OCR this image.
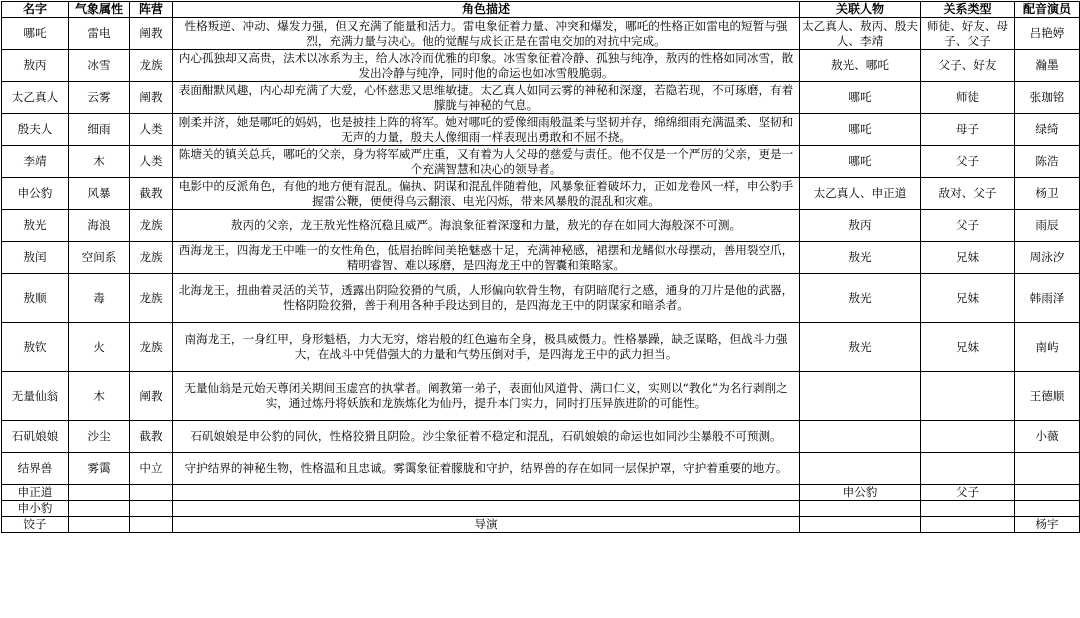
名字	气象属性	阵营	角色描述	关联人物	关系类型	配音演员
哪吒	雷电	阐教	性格叛逆、冲动、爆发力强，但又充满了能量和活力。雷电象征着力量、冲突和爆发，哪吒的性格正如雷电的短暂与强烈，充满力量与决心。他的觉醒与成长正是在雷电交加的对抗中完成。	太乙真人、敖丙、殷夫人、李靖	师徒、好友、母子、父子	吕艳婷
敖丙	冰雪	龙族	内心孤独却又高贵，法术以冰系为主，给人冰冷而优雅的印象。冰雪象征着冷静、孤独与纯净，敖丙的性格如同冰雪，散发出冷静与纯净，同时他的命运也如冰雪般脆弱。	敖光、哪吒	父子、好友	瀚墨
太乙真人	云雾	阐教	表面酣默风趣，内心却充满了大爱，心怀慈悲又思维敏捷。太乙真人如同云雾的神秘和深邃，若隐若现，不可琢磨，有着朦胧与神秘的气息。	哪吒	师徒	张珈铭
殷夫人	细雨	人类	刚柔并济，她是哪吒的妈妈，也是披挂上阵的将军。她对哪吒的爱像细雨般温柔与坚韧并存，绵绵细雨充满温柔、坚韧和无声的力量，殷夫人像细雨一样表现出勇敢和不屈不挠。	哪吒	母子	绿绮
李靖	木	人类	陈塘关的镇关总兵，哪吒的父亲，身为将军威严庄重，又有着为人父母的慈爱与责任。他不仅是一个严厉的父亲，更是一个充满智慧和决心的领导者。	哪吒	父子	陈浩
申公豹	风暴	截教	电影中的反派角色，有他的地方便有混乱。偏执、阴谋和混乱伴随着他，风暴象征着破坏力，正如龙卷风一样，申公豹手握雷公鞭，便便得乌云翻滚、电光闪烁，带来风暴般的混乱和灾难。	太乙真人、申正道	敌对、父子	杨卫
敖光	海浪	龙族	敖丙的父亲，龙王敖光性格沉稳且威严。海浪象征着深邃和力量，敖光的存在如同大海般深不可测。	敖丙	父子	雨辰
敖闰	空间系	龙族	西海龙王，四海龙王中唯一的女性角色，低眉抬眸间美艳魅惑十足，充满神秘感，裙摆和龙鳍似水母摆动，善用裂空爪，精明睿智、难以琢磨，是四海龙王中的智囊和策略家。	敖光	兄妹	周泳汐
敖顺	毒	龙族	北海龙王，扭曲着灵活的关节，透露出阴险狡猾的气质，人形偏向软骨生物，有阴暗爬行之感，通身的刀片是他的武器，性格阴险狡猾，善于利用各种手段达到目的，是四海龙王中的阴谋家和暗杀者。	敖光	兄妹	韩雨泽
敖钦	火	龙族	南海龙王，一身红甲，身形魁梧，力大无穷，熔岩般的红色遍布全身，极具威慑力。性格暴躁，缺乏谋略，但战斗力强大，在战斗中凭借强大的力量和气势压倒对手，是四海龙王中的武力担当。	敖光	兄妹	南屿
无量仙翁	木	阐教	无量仙翁是元始天尊闭关期间玉虚宫的执掌者。阐教第一弟子，表面仙风道骨、满口仁义，实则以“教化”为名行剥削之实，通过炼丹将妖族和龙族炼化为仙丹，提升本门实力，同时打压异族进阶的可能性。			王德顺
石矶娘娘	沙尘	截教	石矶娘娘是申公豹的同伙，性格狡猾且阴险。沙尘象征着不稳定和混乱，石矶娘娘的命运也如同沙尘暴般不可预测。			小薇
结界兽	雾霭	中立	守护结界的神秘生物，性格温和且忠诚。雾霭象征着朦胧和守护，结界兽的存在如同一层保护罩，守护着重要的地方。			
申正道				申公豹	父子	
申小豹						
饺子			导演			杨宇
